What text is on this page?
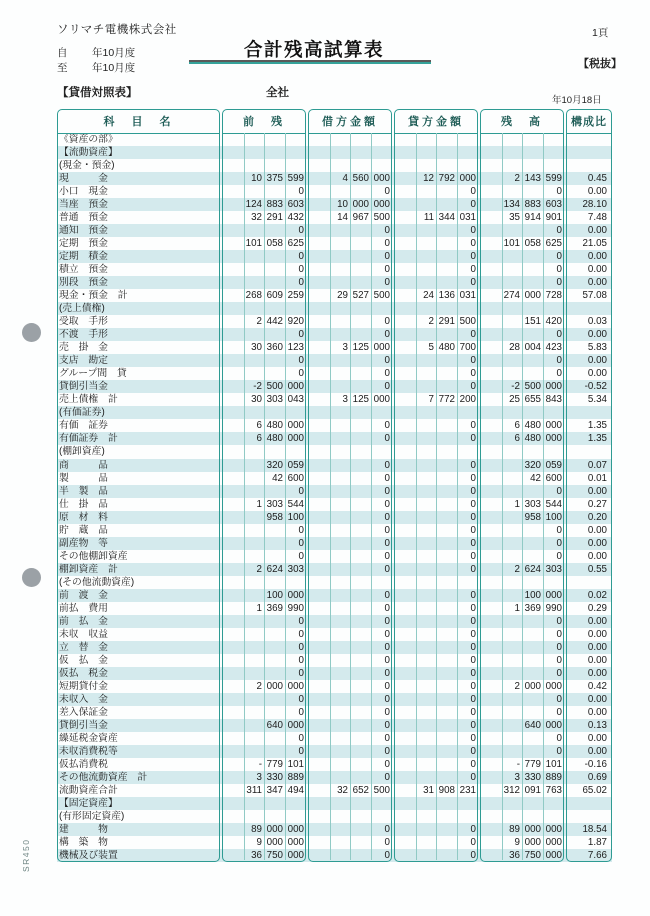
ソリマチ電機株式会社	1頁
合計残高試算表
自 年10月度
至 年10月度	【税抜】
【貸借対照表】	全社
年10月18日
SR450
《資産の部》
【流動資産】
(現金・預金)
現　　　金	10 375 599	4 560 000	12 792 000	2 143 599	0.45
小口　現金	0	0	0	0	0.00
当座　預金	124 883 603	10 000 000	0	134 883 603	28.10
普通　預金	32 291 432	14 967 500	11 344 031	35 914 901	7.48
通知　預金	0	0	0	0	0.00
定期　預金	101 058 625	0	0	101 058 625	21.05
定期　積金	0	0	0	0	0.00
積立　預金	0	0	0	0	0.00
別段　預金	0	0	0	0	0.00
現金・預金　計	268 609 259	29 527 500	24 136 031	274 000 728	57.08
(売上債権)
受取　手形	2 442 920	0	2 291 500	151 420	0.03
不渡　手形	0	0	0	0	0.00
売　掛　金	30 360 123	3 125 000	5 480 700	28 004 423	5.83
支店　勘定	0	0	0	0	0.00
グループ間　貸	0	0	0	0	0.00
貸倒引当金	-2 500 000	0	0	-2 500 000	-0.52
売上債権　計	30 303 043	3 125 000	7 772 200	25 655 843	5.34
(有価証券)
有価　証券	6 480 000	0	0	6 480 000	1.35
有価証券　計	6 480 000	0	0	6 480 000	1.35
(棚卸資産)
商　　　品	320 059	0	0	320 059	0.07
製　　　品	42 600	0	0	42 600	0.01
半　製　品	0	0	0	0	0.00
仕　掛　品	1 303 544	0	0	1 303 544	0.27
原　材　料	958 100	0	0	958 100	0.20
貯　蔵　品	0	0	0	0	0.00
副産物　等	0	0	0	0	0.00
その他棚卸資産	0	0	0	0	0.00
棚卸資産　計	2 624 303	0	0	2 624 303	0.55
(その他流動資産)
前　渡　金	100 000	0	0	100 000	0.02
前払　費用	1 369 990	0	0	1 369 990	0.29
前　払　金	0	0	0	0	0.00
未収　収益	0	0	0	0	0.00
立　替　金	0	0	0	0	0.00
仮　払　金	0	0	0	0	0.00
仮払　税金	0	0	0	0	0.00
短期貸付金	2 000 000	0	0	2 000 000	0.42
未収入　金	0	0	0	0	0.00
差入保証金	0	0	0	0	0.00
貸倒引当金	640 000	0	0	640 000	0.13
繰延税金資産	0	0	0	0	0.00
未収消費税等	0	0	0	0	0.00
仮払消費税	- 779 101	0	0	- 779 101	-0.16
その他流動資産　計	3 330 889	0	0	3 330 889	0.69
流動資産合計	311 347 494	32 652 500	31 908 231	312 091 763	65.02
【固定資産】
(有形固定資産)
建　　　物	89 000 000	0	0	89 000 000	18.54
構　築　物	9 000 000	0	0	9 000 000	1.87
機械及び装置	36 750 000	0	0	36 750 000	7.66
科　目　名	前　残	借方金額	貸方金額	残　高	構成比
